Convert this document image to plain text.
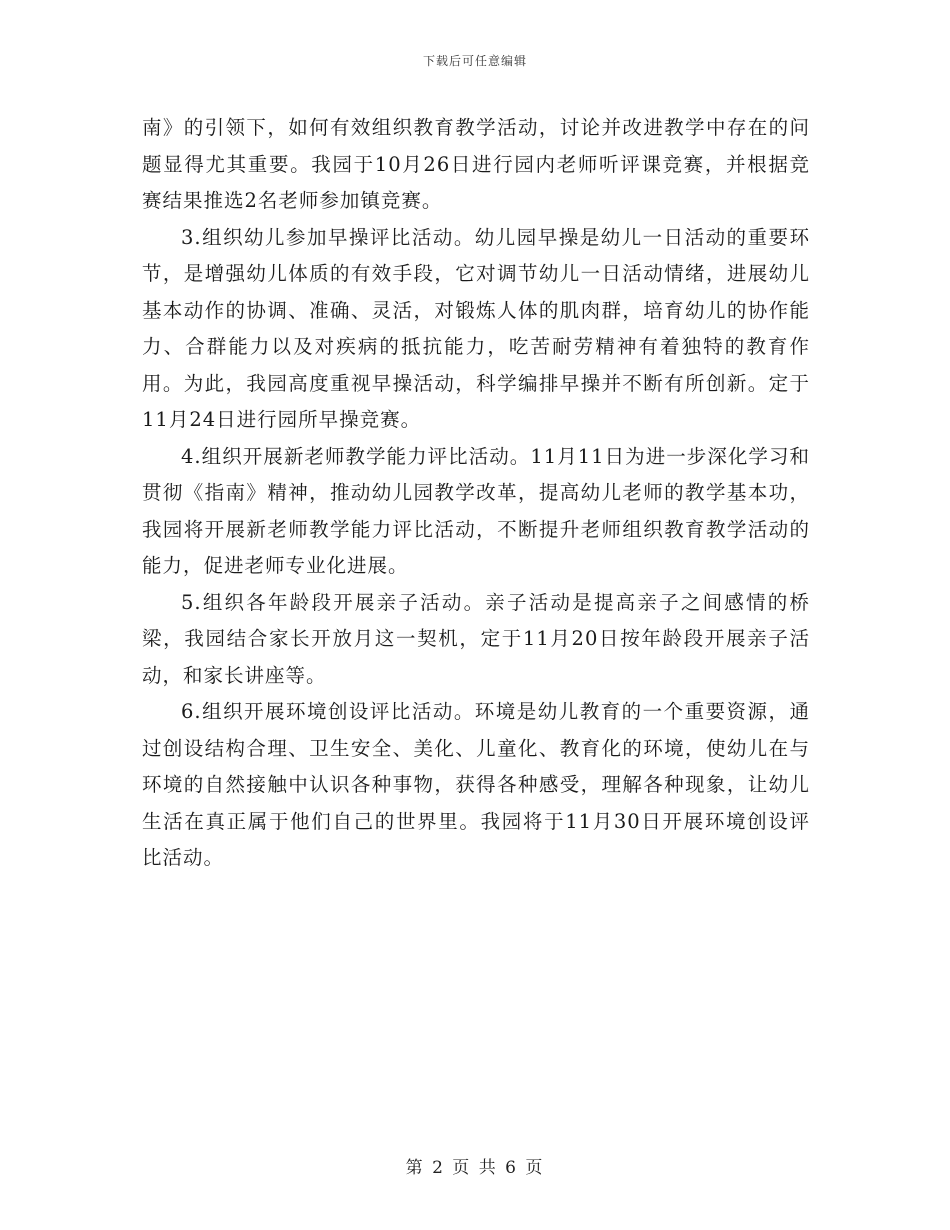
下载后可任意编辑

南》的引领下，如何有效组织教育教学活动，讨论并改进教学中存在的问题显得尤其重要。我园于10月26日进行园内老师听评课竞赛，并根据竞赛结果推选2名老师参加镇竞赛。

3.组织幼儿参加早操评比活动。幼儿园早操是幼儿一日活动的重要环节，是增强幼儿体质的有效手段，它对调节幼儿一日活动情绪，进展幼儿基本动作的协调、准确、灵活，对锻炼人体的肌肉群，培育幼儿的协作能力、合群能力以及对疾病的抵抗能力，吃苦耐劳精神有着独特的教育作用。为此，我园高度重视早操活动，科学编排早操并不断有所创新。定于11月24日进行园所早操竞赛。

4.组织开展新老师教学能力评比活动。11月11日为进一步深化学习和贯彻《指南》精神，推动幼儿园教学改革，提高幼儿老师的教学基本功，我园将开展新老师教学能力评比活动，不断提升老师组织教育教学活动的能力，促进老师专业化进展。

5.组织各年龄段开展亲子活动。亲子活动是提高亲子之间感情的桥梁，我园结合家长开放月这一契机，定于11月20日按年龄段开展亲子活动，和家长讲座等。

6.组织开展环境创设评比活动。环境是幼儿教育的一个重要资源，通过创设结构合理、卫生安全、美化、儿童化、教育化的环境，使幼儿在与环境的自然接触中认识各种事物，获得各种感受，理解各种现象，让幼儿生活在真正属于他们自己的世界里。我园将于11月30日开展环境创设评比活动。

第 2 页 共 6 页
